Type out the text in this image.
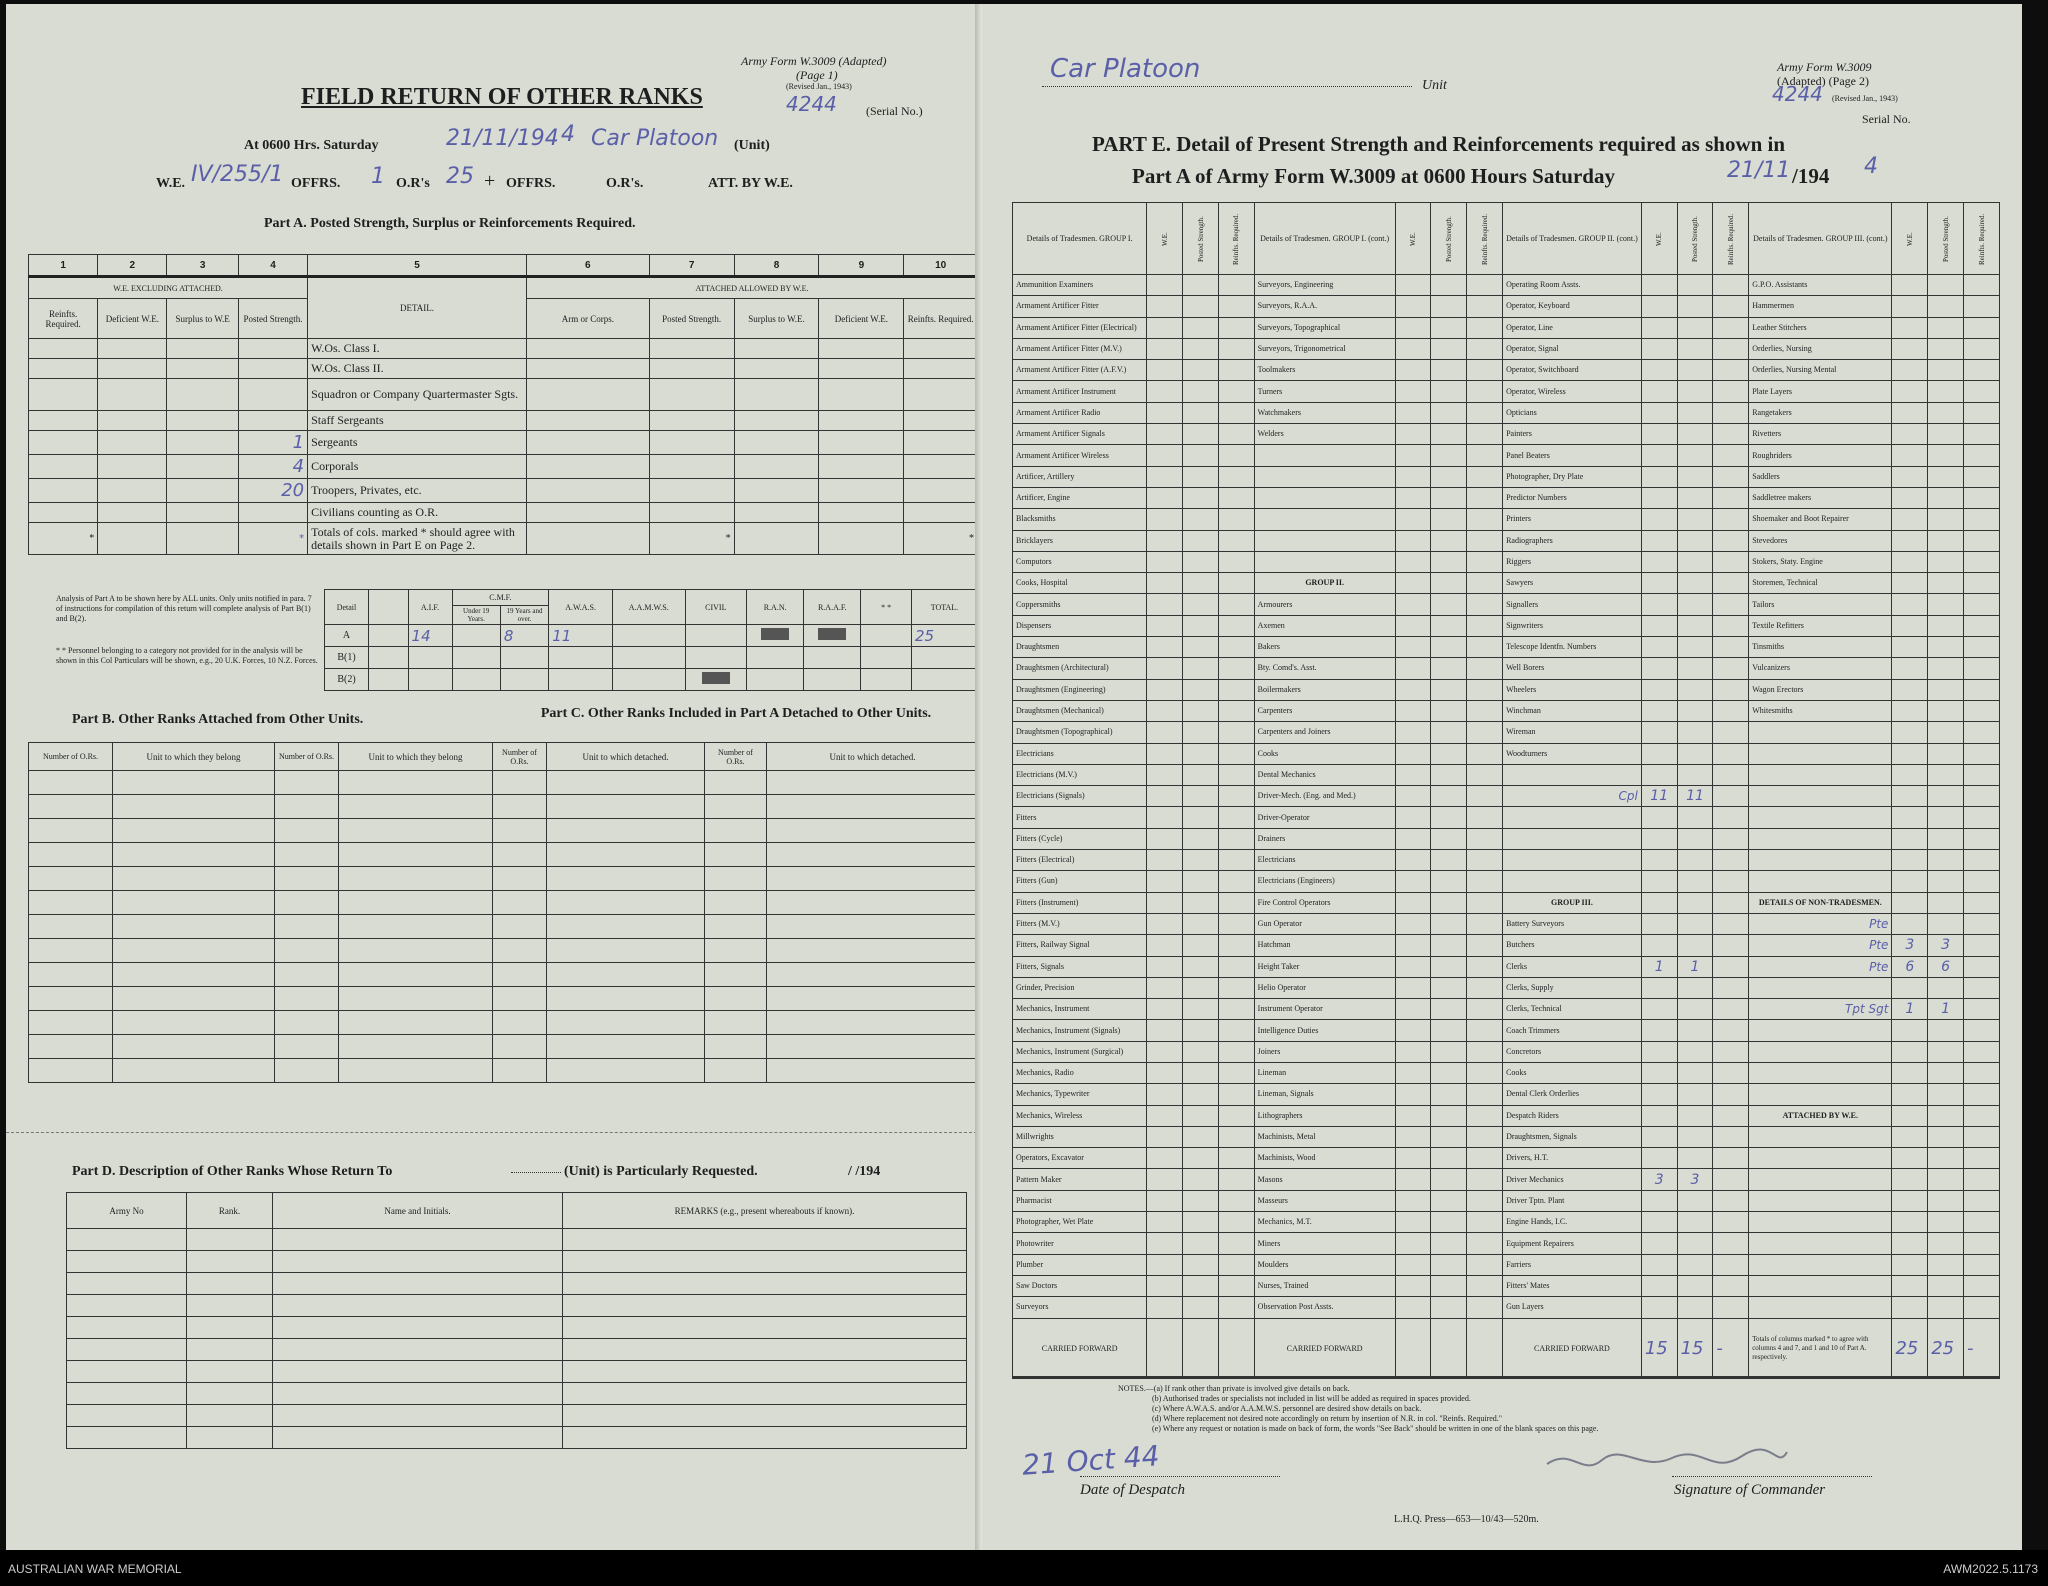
Army Form W.3009 (Adapted)
(Page 1)
(Revised Jan., 1943)
4244 (Serial No.)
FIELD RETURN OF OTHER RANKS
At 0600 Hrs. Saturday	21/11/194 4 Car Platoon (Unit)
W.E. IV/255/1 OFFRS. 1 O.R's 25 + OFFRS.	O.R's.	ATT. BY W.E.
Part A. Posted Strength, Surplus or Reinforcements Required.
1	2	3	4	5	6	7	8	9	10
W.E. EXCLUDING ATTACHED.				DETAIL.	ATTACHED ALLOWED BY W.E.				
Reinfts. Required.	Deficient W.E.	Surplus to W.E	Posted Strength.		Arm or Corps.	Posted Strength.	Surplus to W.E.	Deficient W.E.	Reinfts. Required.
				W.Os. Class I.					
				W.Os. Class II.					
				Squadron or Company Quartermaster Sgts.					
				Staff Sergeants					
			1	Sergeants					
			4	Corporals					
			20	Troopers, Privates, etc.					
				Civilians counting as O.R.					

*			*	Totals of cols. marked * should agree with details shown in Part E on Page 2.		*			*
Analysis of Part A to be shown here by ALL units. Only units notified in para. 7 of instructions for compilation of this return will complete analysis of Part B(1) and B(2).
* * Personnel belonging to a category not provided for in the analysis will be shown in this Col Particulars will be shown, e.g., 20 U.K. Forces, 10 N.Z. Forces.
Detail		A.I.F.	C.M.F.		A.W.A.S.	A.A.M.W.S.	CIVIL	R.A.N.	R.A.A.F.	* *	TOTAL.
			Under 19 Years.	19 Years and over.							
A		14		8	11						25
B(1)											
B(2)											
Part B. Other Ranks Attached from Other Units.	Part C. Other Ranks Included in Part A Detached to Other Units.
Number of O.Rs.	Unit to which they belong	Number of O.Rs.	Unit to which they belong	Number of O.Rs.	Unit to which detached.	Number of O.Rs.	Unit to which detached.

Part D. Description of Other Ranks Whose Return To	(Unit) is Particularly Requested.	/ /194
Army No	Rank.	Name and Initials.	REMARKS (e.g., present whereabouts if known).

Car Platoon
Unit
Army Form W.3009
(Adapted) (Page 2)
4244 (Revised Jan., 1943)
Serial No.
PART E. Detail of Present Strength and Reinforcements required as shown in
Part A of Army Form W.3009 at 0600 Hours Saturday	21/11 /194 4
Details of Tradesmen. GROUP I.	W.E.	Posted Strength.	Reinfts. Required.	Details of Tradesmen. GROUP I. (cont.)	W.E.	Posted Strength.	Reinfts. Required.	Details of Tradesmen. GROUP II. (cont.)	W.E.	Posted Strength.	Reinfts. Required.	Details of Tradesmen. GROUP III. (cont.)	W.E.	Posted Strength.	Reinfts. Required.
Ammunition Examiners				Surveyors, Engineering				Operating Room Assts.				G.P.O. Assistants			
Armament Artificer Fitter				Surveyors, R.A.A.				Operator, Keyboard				Hammermen			
Armament Artificer Fitter (Electrical)				Surveyors, Topographical				Operator, Line				Leather Stitchers			
Armament Artificer Fitter (M.V.)				Surveyors, Trigonometrical				Operator, Signal				Orderlies, Nursing			
Armament Artificer Fitter (A.F.V.)				Toolmakers				Operator, Switchboard				Orderlies, Nursing Mental			
Armament Artificer Instrument				Turners				Operator, Wireless				Plate Layers			
Armament Artificer Radio				Watchmakers				Opticians				Rangetakers			
Armament Artificer Signals				Welders				Painters				Rivetters			
Armament Artificer Wireless								Panel Beaters				Roughriders			
Artificer, Artillery								Photographer, Dry Plate				Saddlers			
Artificer, Engine								Predictor Numbers				Saddletree makers			
Blacksmiths								Printers				Shoemaker and Boot Repairer			
Bricklayers								Radiographers				Stevedores			
Computors								Riggers				Stokers, Staty. Engine			
Cooks, Hospital				GROUP II.				Sawyers				Storemen, Technical			
Coppersmiths				Armourers				Signallers				Tailors			
Dispensers				Axemen				Signwriters				Textile Refitters			
Draughtsmen				Bakers				Telescope Identfn. Numbers				Tinsmiths			
Draughtsmen (Architectural)				Bty. Comd's. Asst.				Well Borers				Vulcanizers			
Draughtsmen (Engineering)				Boilermakers				Wheelers				Wagon Erectors			
Draughtsmen (Mechanical)				Carpenters				Winchman				Whitesmiths			
Draughtsmen (Topographical)				Carpenters and Joiners				Wireman							
Electricians				Cooks				Woodturners							
Electricians (M.V.)				Dental Mechanics											
Electricians (Signals)				Driver-Mech. (Eng. and Med.)				Cpl	11	11					
Fitters				Driver-Operator											
Fitters (Cycle)				Drainers											
Fitters (Electrical)				Electricians											
Fitters (Gun)				Electricians (Engineers)											
Fitters (Instrument)				Fire Control Operators				GROUP III.				DETAILS OF NON-TRADESMEN.			
Fitters (M.V.)				Gun Operator				Battery Surveyors				Pte			

Fitters, Railway Signal				Hatchman				Butchers				Pte	3	3	
Fitters, Signals				Height Taker				Clerks	1	1		Pte	6	6	
Grinder, Precision				Helio Operator				Clerks, Supply							
Mechanics, Instrument				Instrument Operator				Clerks, Technical				Tpt Sgt	1	1	
Mechanics, Instrument (Signals)				Intelligence Duties				Coach Trimmers							
Mechanics, Instrument (Surgical)				Joiners				Concretors							
Mechanics, Radio				Lineman				Cooks							
Mechanics, Typewriter				Lineman, Signals				Dental Clerk Orderlies							
Mechanics, Wireless				Lithographers				Despatch Riders				ATTACHED BY W.E.			
Millwrights				Machinists, Metal				Draughtsmen, Signals							
Operators, Excavator				Machinists, Wood				Drivers, H.T.							
Pattern Maker				Masons				Driver Mechanics	3	3					
Pharmacist				Masseurs				Driver Tptn. Plant							
Photographer, Wet Plate				Mechanics, M.T.				Engine Hands, I.C.							
Photowriter				Miners				Equipment Repairers							
Plumber				Moulders				Farriers							
Saw Doctors				Nurses, Trained				Fitters' Mates							
Surveyors				Observation Post Assts.				Gun Layers							
CARRIED FORWARD				CARRIED FORWARD				CARRIED FORWARD	15	15	-	Totals of columns marked * to agree with columns 4 and 7, and 1 and 10 of Part A. respectively.	25	25	-
NOTES.—(a) If rank other than private is involved give details on back.
(b) Authorised trades or specialists not included in list will be added as required in spaces provided.
(c) Where A.W.A.S. and/or A.A.M.W.S. personnel are desired show details on back.
(d) Where replacement not desired note accordingly on return by insertion of N.R. in col. "Reinfs. Required."
(e) Where any request or notation is made on back of form, the words "See Back" should be written in one of the blank spaces on this page.
21 Oct 44
Date of Despatch	Signature of Commander
L.H.Q. Press—653—10/43—520m.
AUSTRALIAN WAR MEMORIAL	AWM2022.5.1173
